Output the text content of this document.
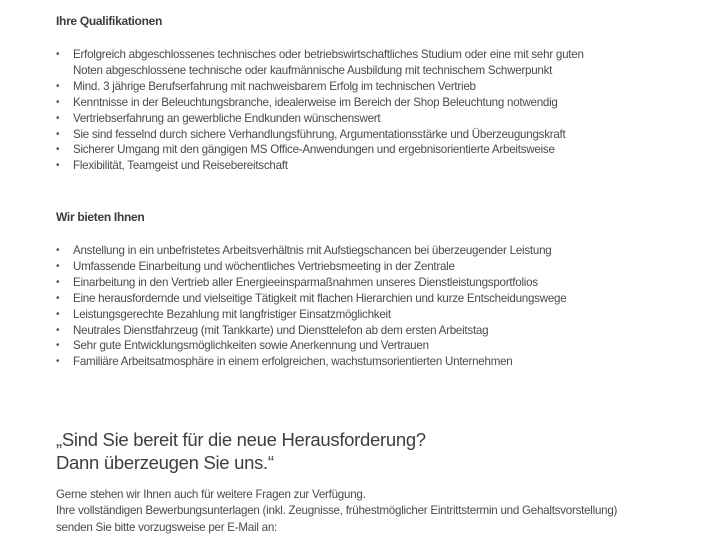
Ihre Qualifikationen
•	Erfolgreich abgeschlossenes technisches oder betriebswirtschaftliches Studium oder eine mit sehr guten
Noten abgeschlossene technische oder kaufmännische Ausbildung mit technischem Schwerpunkt
•	Mind. 3 jährige Berufserfahrung mit nachweisbarem Erfolg im technischen Vertrieb
•	Kenntnisse in der Beleuchtungsbranche, idealerweise im Bereich der Shop Beleuchtung notwendig
•	Vertriebserfahrung an gewerbliche Endkunden wünschenswert
•	Sie sind fesselnd durch sichere Verhandlungsführung, Argumentationsstärke und Überzeugungskraft
•	Sicherer Umgang mit den gängigen MS Office-Anwendungen und ergebnisorientierte Arbeitsweise
•	Flexibilität, Teamgeist und Reisebereitschaft
Wir bieten Ihnen
•	Anstellung in ein unbefristetes Arbeitsverhältnis mit Aufstiegschancen bei überzeugender Leistung
•	Umfassende Einarbeitung und wöchentliches Vertriebsmeeting in der Zentrale
•	Einarbeitung in den Vertrieb aller Energieeinsparmaßnahmen unseres Dienstleistungsportfolios
•	Eine herausfordernde und vielseitige Tätigkeit mit flachen Hierarchien und kurze Entscheidungswege
•	Leistungsgerechte Bezahlung mit langfristiger Einsatzmöglichkeit
•	Neutrales Dienstfahrzeug (mit Tankkarte) und Diensttelefon ab dem ersten Arbeitstag
•	Sehr gute Entwicklungsmöglichkeiten sowie Anerkennung und Vertrauen
•	Familiäre Arbeitsatmosphäre in einem erfolgreichen, wachstumsorientierten Unternehmen
„Sind Sie bereit für die neue Herausforderung?
Dann überzeugen Sie uns.“
Gerne stehen wir Ihnen auch für weitere Fragen zur Verfügung.
Ihre vollständigen Bewerbungsunterlagen (inkl. Zeugnisse, frühestmöglicher Eintrittstermin und Gehaltsvorstellung)
senden Sie bitte vorzugsweise per E-Mail an:
